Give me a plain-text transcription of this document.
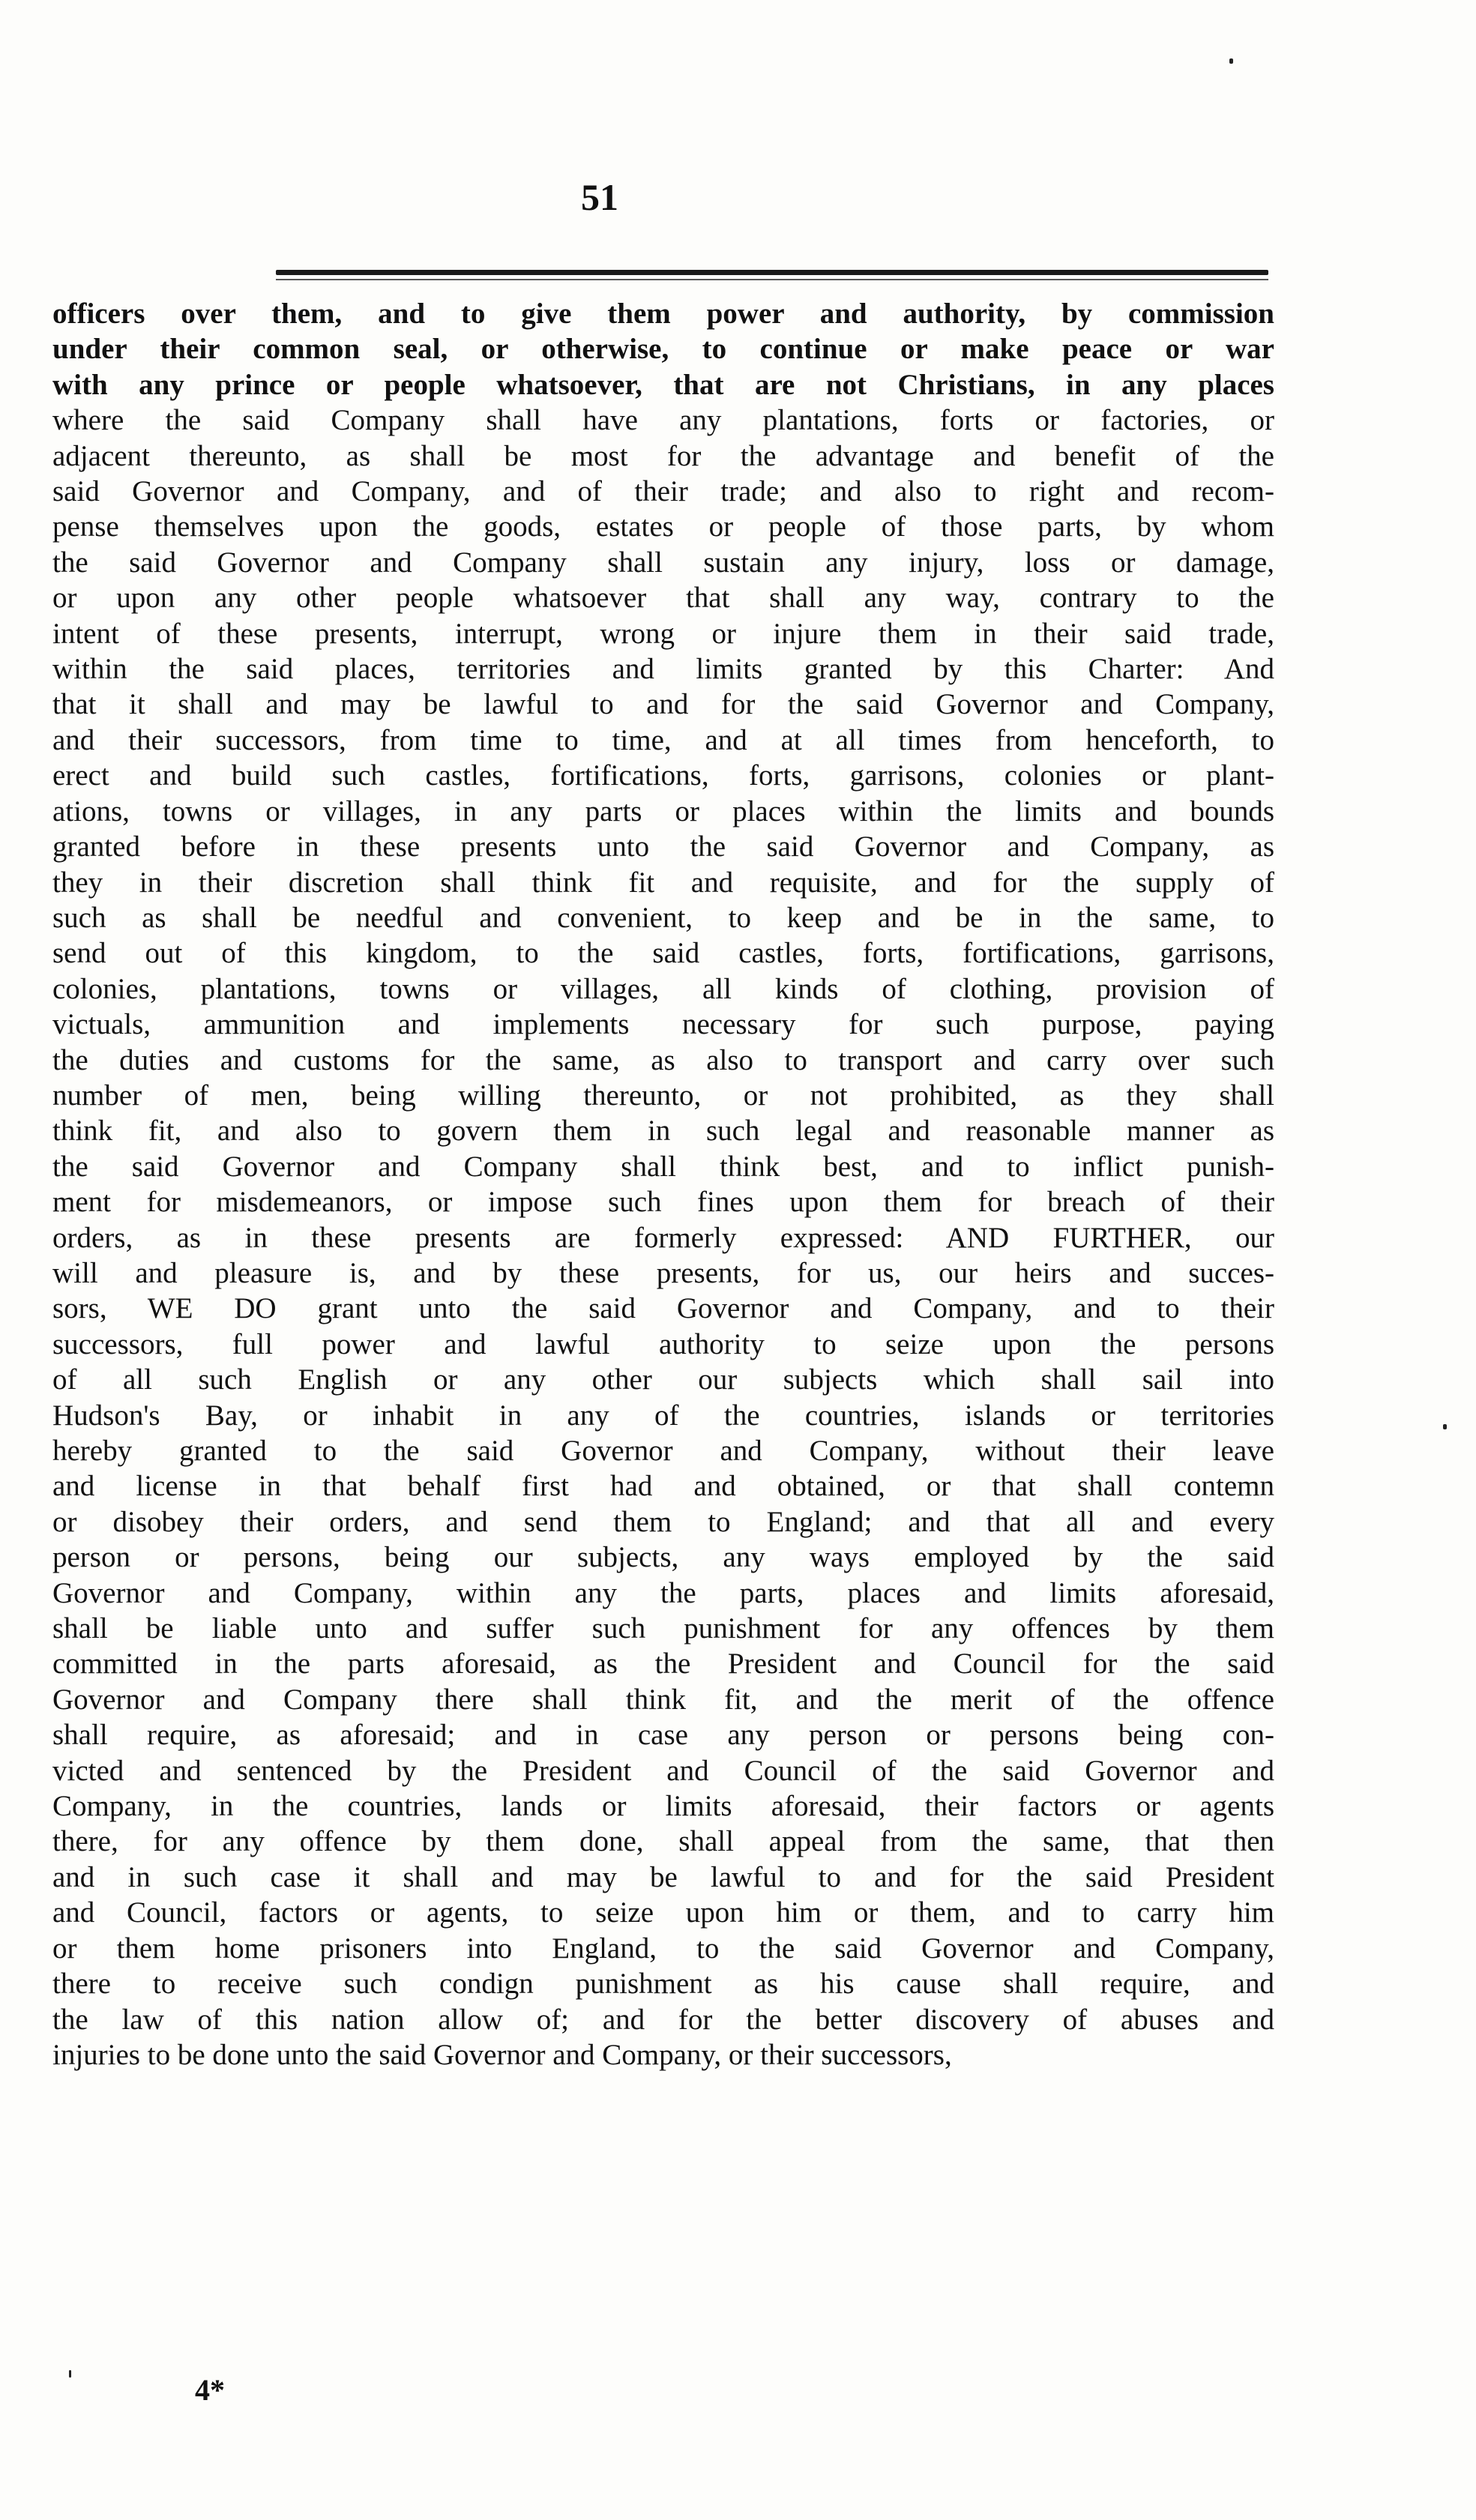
51
officers over them, and to give them power and authority, by commission
under their common seal, or otherwise, to continue or make peace or war
with any prince or people whatsoever, that are not Christians, in any places
where the said Company shall have any plantations, forts or factories, or
adjacent thereunto, as shall be most for the advantage and benefit of the
said Governor and Company, and of their trade; and also to right and recom-
pense themselves upon the goods, estates or people of those parts, by whom
the said Governor and Company shall sustain any injury, loss or damage,
or upon any other people whatsoever that shall any way, contrary to the
intent of these presents, interrupt, wrong or injure them in their said trade,
within the said places, territories and limits granted by this Charter: And
that it shall and may be lawful to and for the said Governor and Company,
and their successors, from time to time, and at all times from henceforth, to
erect and build such castles, fortifications, forts, garrisons, colonies or plant-
ations, towns or villages, in any parts or places within the limits and bounds
granted before in these presents unto the said Governor and Company, as
they in their discretion shall think fit and requisite, and for the supply of
such as shall be needful and convenient, to keep and be in the same, to
send out of this kingdom, to the said castles, forts, fortifications, garrisons,
colonies, plantations, towns or villages, all kinds of clothing, provision of
victuals, ammunition and implements necessary for such purpose, paying
the duties and customs for the same, as also to transport and carry over such
number of men, being willing thereunto, or not prohibited, as they shall
think fit, and also to govern them in such legal and reasonable manner as
the said Governor and Company shall think best, and to inflict punish-
ment for misdemeanors, or impose such fines upon them for breach of their
orders, as in these presents are formerly expressed: AND FURTHER, our
will and pleasure is, and by these presents, for us, our heirs and succes-
sors, WE DO grant unto the said Governor and Company, and to their
successors, full power and lawful authority to seize upon the persons
of all such English or any other our subjects which shall sail into
Hudson's Bay, or inhabit in any of the countries, islands or territories
hereby granted to the said Governor and Company, without their leave
and license in that behalf first had and obtained, or that shall contemn
or disobey their orders, and send them to England; and that all and every
person or persons, being our subjects, any ways employed by the said
Governor and Company, within any the parts, places and limits aforesaid,
shall be liable unto and suffer such punishment for any offences by them
committed in the parts aforesaid, as the President and Council for the said
Governor and Company there shall think fit, and the merit of the offence
shall require, as aforesaid; and in case any person or persons being con-
victed and sentenced by the President and Council of the said Governor and
Company, in the countries, lands or limits aforesaid, their factors or agents
there, for any offence by them done, shall appeal from the same, that then
and in such case it shall and may be lawful to and for the said President
and Council, factors or agents, to seize upon him or them, and to carry him
or them home prisoners into England, to the said Governor and Company,
there to receive such condign punishment as his cause shall require, and
the law of this nation allow of; and for the better discovery of abuses and
injuries to be done unto the said Governor and Company, or their successors,
4*
